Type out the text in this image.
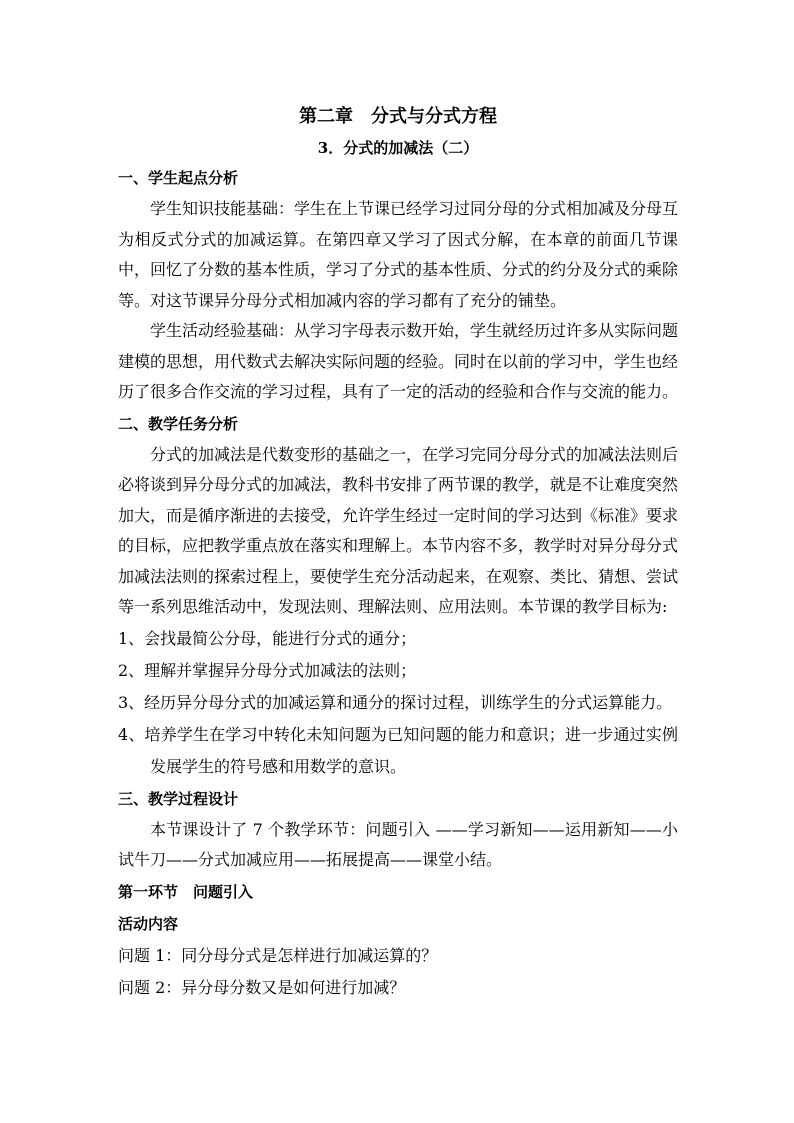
第二章　分式与分式方程

3．分式的加减法（二）

一、学生起点分析

学生知识技能基础：学生在上节课已经学习过同分母的分式相加减及分母互为相反式分式的加减运算。在第四章又学习了因式分解，在本章的前面几节课中，回忆了分数的基本性质，学习了分式的基本性质、分式的约分及分式的乘除等。对这节课异分母分式相加减内容的学习都有了充分的铺垫。

学生活动经验基础：从学习字母表示数开始，学生就经历过许多从实际问题建模的思想，用代数式去解决实际问题的经验。同时在以前的学习中，学生也经历了很多合作交流的学习过程，具有了一定的活动的经验和合作与交流的能力。

二、教学任务分析

分式的加减法是代数变形的基础之一，在学习完同分母分式的加减法法则后必将谈到异分母分式的加减法，教科书安排了两节课的教学，就是不让难度突然加大，而是循序渐进的去接受，允许学生经过一定时间的学习达到《标准》要求的目标，应把教学重点放在落实和理解上。本节内容不多，教学时对异分母分式加减法法则的探索过程上，要使学生充分活动起来，在观察、类比、猜想、尝试等一系列思维活动中，发现法则、理解法则、应用法则。本节课的教学目标为:

1、会找最简公分母，能进行分式的通分；

2、理解并掌握异分母分式加减法的法则；

3、经历异分母分式的加减运算和通分的探讨过程，训练学生的分式运算能力。

4、培养学生在学习中转化未知问题为已知问题的能力和意识；进一步通过实例发展学生的符号感和用数学的意识。

三、教学过程设计

本节课设计了 7 个教学环节：问题引入 ——学习新知——运用新知——小试牛刀——分式加减应用——拓展提高——课堂小结。

第一环节　问题引入

活动内容

问题 1：同分母分式是怎样进行加减运算的？

问题 2：异分母分数又是如何进行加减？
